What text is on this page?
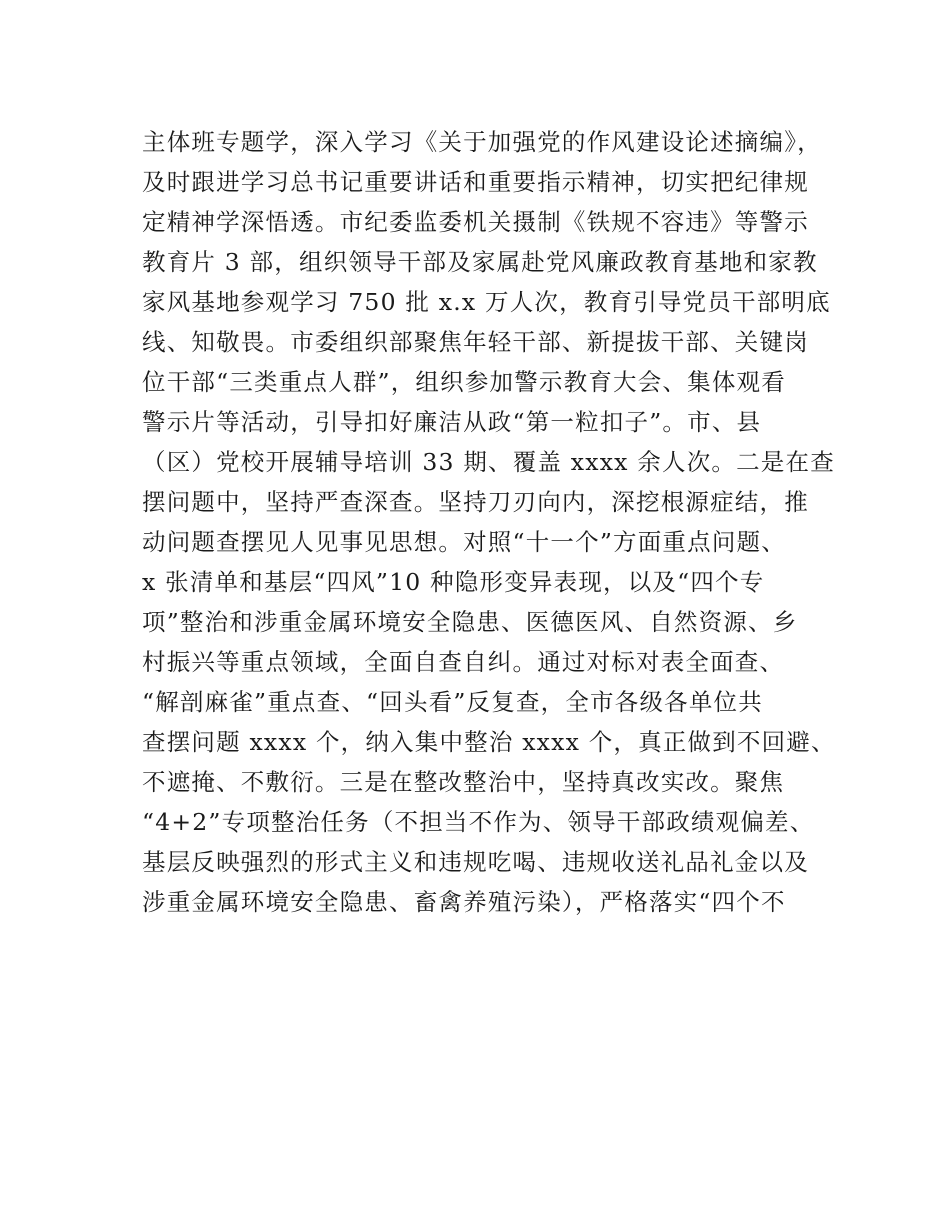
主体班专题学，深入学习《关于加强党的作风建设论述摘编》，
及时跟进学习总书记重要讲话和重要指示精神，切实把纪律规
定精神学深悟透。市纪委监委机关摄制《铁规不容违》等警示
教育片 3 部，组织领导干部及家属赴党风廉政教育基地和家教
家风基地参观学习 750 批 x.x 万人次，教育引导党员干部明底
线、知敬畏。市委组织部聚焦年轻干部、新提拔干部、关键岗
位干部“三类重点人群”，组织参加警示教育大会、集体观看
警示片等活动，引导扣好廉洁从政“第一粒扣子”。市、县
（区）党校开展辅导培训 33 期、覆盖 xxxx 余人次。二是在查
摆问题中，坚持严查深查。坚持刀刃向内，深挖根源症结，推
动问题查摆见人见事见思想。对照“十一个”方面重点问题、
x 张清单和基层“四风”10 种隐形变异表现，以及“四个专
项”整治和涉重金属环境安全隐患、医德医风、自然资源、乡
村振兴等重点领域，全面自查自纠。通过对标对表全面查、
“解剖麻雀”重点查、“回头看”反复查，全市各级各单位共
查摆问题 xxxx 个，纳入集中整治 xxxx 个，真正做到不回避、
不遮掩、不敷衍。三是在整改整治中，坚持真改实改。聚焦
“4+2”专项整治任务（不担当不作为、领导干部政绩观偏差、
基层反映强烈的形式主义和违规吃喝、违规收送礼品礼金以及
涉重金属环境安全隐患、畜禽养殖污染），严格落实“四个不
